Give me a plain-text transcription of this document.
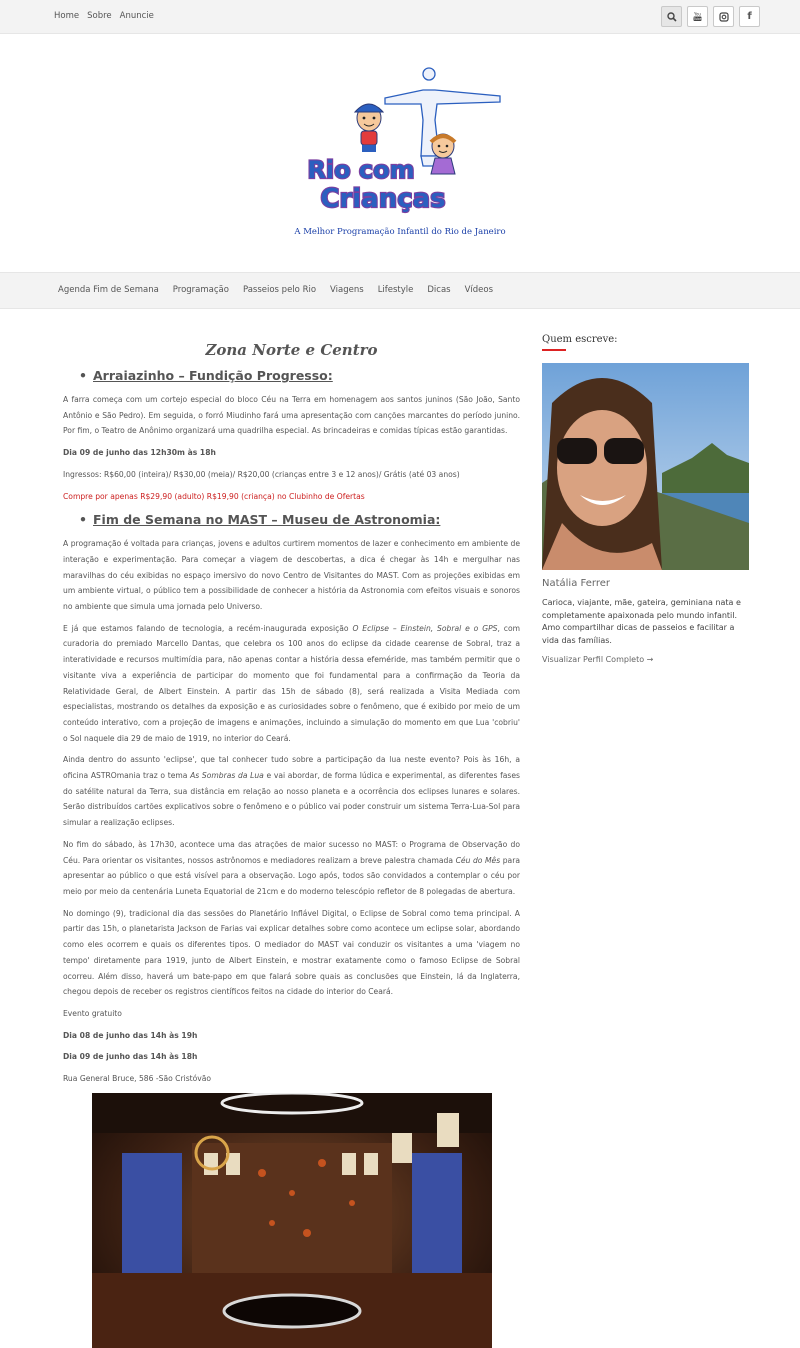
Home Sobre Anuncie	You
Tube	f
Rio com
Crianças
A Melhor Programação Infantil do Rio de Janeiro
Agenda Fim de Semana Programação Passeios pelo Rio Viagens Lifestyle Dicas Vídeos
Zona Norte e Centro
• Arraiazinho – Fundição Progresso:

A farra começa com um cortejo especial do bloco Céu na Terra em homenagem aos santos juninos (São João, Santo Antônio e São Pedro). Em seguida, o forró Miudinho fará uma apresentação com canções marcantes do período junino. Por fim, o Teatro de Anônimo organizará uma quadrilha especial. As brincadeiras e comidas típicas estão garantidas.

Dia 09 de junho das 12h30m às 18h

Ingressos: R$60,00 (inteira)/ R$30,00 (meia)/ R$20,00 (crianças entre 3 e 12 anos)/ Grátis (até 03 anos)

Compre por apenas R$29,90 (adulto) R$19,90 (criança) no Clubinho de Ofertas

• Fim de Semana no MAST – Museu de Astronomia:

A programação é voltada para crianças, jovens e adultos curtirem momentos de lazer e conhecimento em ambiente de interação e experimentação. Para começar a viagem de descobertas, a dica é chegar às 14h e mergulhar nas maravilhas do céu exibidas no espaço imersivo do novo Centro de Visitantes do MAST. Com as projeções exibidas em um ambiente virtual, o público tem a possibilidade de conhecer a história da Astronomia com efeitos visuais e sonoros no ambiente que simula uma jornada pelo Universo.

E já que estamos falando de tecnologia, a recém-inaugurada exposição O Eclipse – Einstein, Sobral e o GPS, com curadoria do premiado Marcello Dantas, que celebra os 100 anos do eclipse da cidade cearense de Sobral, traz a interatividade e recursos multimídia para, não apenas contar a história dessa efeméride, mas também permitir que o visitante viva a experiência de participar do momento que foi fundamental para a confirmação da Teoria da Relatividade Geral, de Albert Einstein. A partir das 15h de sábado (8), será realizada a Visita Mediada com especialistas, mostrando os detalhes da exposição e as curiosidades sobre o fenômeno, que é exibido por meio de um conteúdo interativo, com a projeção de imagens e animações, incluindo a simulação do momento em que Lua 'cobriu' o Sol naquele dia 29 de maio de 1919, no interior do Ceará.

Ainda dentro do assunto 'eclipse', que tal conhecer tudo sobre a participação da lua neste evento? Pois às 16h, a oficina ASTROmania traz o tema As Sombras da Lua e vai abordar, de forma lúdica e experimental, as diferentes fases do satélite natural da Terra, sua distância em relação ao nosso planeta e a ocorrência dos eclipses lunares e solares. Serão distribuídos cartões explicativos sobre o fenômeno e o público vai poder construir um sistema Terra-Lua-Sol para simular a realização eclipses.

No fim do sábado, às 17h30, acontece uma das atrações de maior sucesso no MAST: o Programa de Observação do Céu. Para orientar os visitantes, nossos astrônomos e mediadores realizam a breve palestra chamada Céu do Mês para apresentar ao público o que está visível para a observação. Logo após, todos são convidados a contemplar o céu por meio por meio da centenária Luneta Equatorial de 21cm e do moderno telescópio refletor de 8 polegadas de abertura.

No domingo (9), tradicional dia das sessões do Planetário Inflável Digital, o Eclipse de Sobral como tema principal. A partir das 15h, o planetarista Jackson de Farias vai explicar detalhes sobre como acontece um eclipse solar, abordando como eles ocorrem e quais os diferentes tipos. O mediador do MAST vai conduzir os visitantes a uma 'viagem no tempo' diretamente para 1919, junto de Albert Einstein, e mostrar exatamente como o famoso Eclipse de Sobral ocorreu. Além disso, haverá um bate-papo em que falará sobre quais as conclusões que Einstein, lá da Inglaterra, chegou depois de receber os registros científicos feitos na cidade do interior do Ceará.

Evento gratuito

Dia 08 de junho das 14h às 19h

Dia 09 de junho das 14h às 18h

Rua General Bruce, 586 -São Cristóvão

Quem escreve:
Natália Ferrer
Carioca, viajante, mãe, gateira, geminiana nata e completamente apaixonada pelo mundo infantil. Amo compartilhar dicas de passeios e facilitar a vida das famílias.
Visualizar Perfil Completo →
